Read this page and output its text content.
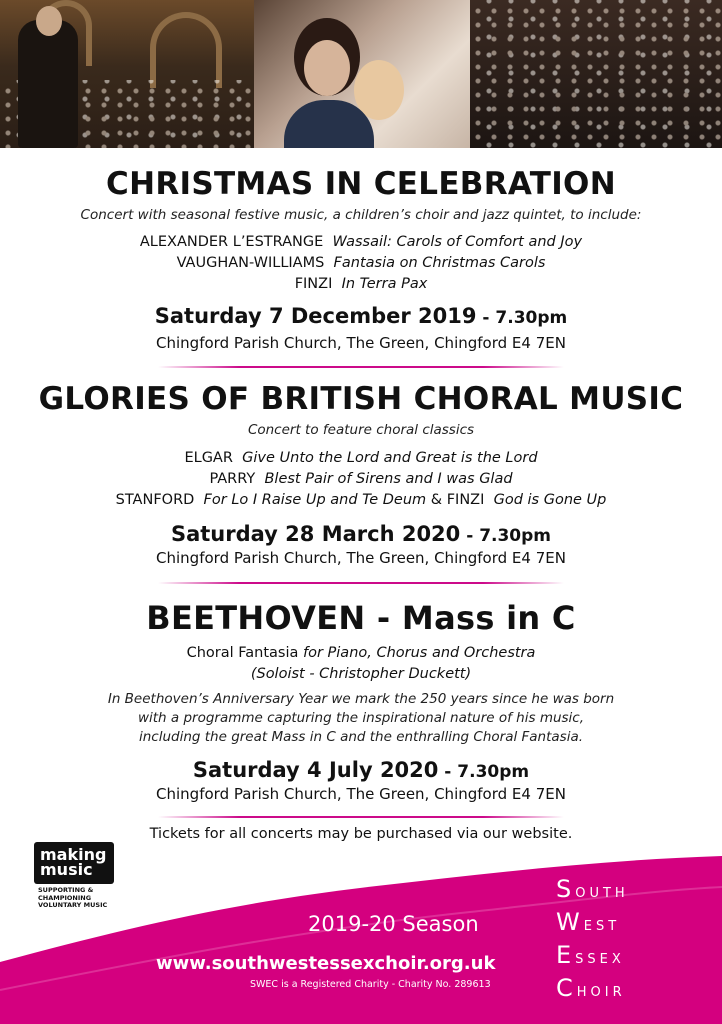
CHRISTMAS IN CELEBRATION
Concert with seasonal festive music, a children’s choir and jazz quintet, to include:
ALEXANDER L’ESTRANGE Wassail: Carols of Comfort and Joy
VAUGHAN-WILLIAMS Fantasia on Christmas Carols
FINZI In Terra Pax
Saturday 7 December 2019 - 7.30pm
Chingford Parish Church, The Green, Chingford E4 7EN
GLORIES OF BRITISH CHORAL MUSIC
Concert to feature choral classics
ELGAR Give Unto the Lord and Great is the Lord
PARRY Blest Pair of Sirens and I was Glad
STANFORD For Lo I Raise Up and Te Deum & FINZI God is Gone Up
Saturday 28 March 2020 - 7.30pm
Chingford Parish Church, The Green, Chingford E4 7EN
BEETHOVEN - Mass in C
Choral Fantasia for Piano, Chorus and Orchestra
(Soloist - Christopher Duckett)
In Beethoven’s Anniversary Year we mark the 250 years since he was born
with a programme capturing the inspirational nature of his music,
including the great Mass in C and the enthralling Choral Fantasia.
Saturday 4 July 2020 - 7.30pm
Chingford Parish Church, The Green, Chingford E4 7EN
Tickets for all concerts may be purchased via our website.
making
music
SUPPORTING &
CHAMPIONING
VOLUNTARY MUSIC
2019-20 Season
www.southwestessexchoir.org.uk
SWEC is a Registered Charity - Charity No. 289613
South
West
Essex
Choir
